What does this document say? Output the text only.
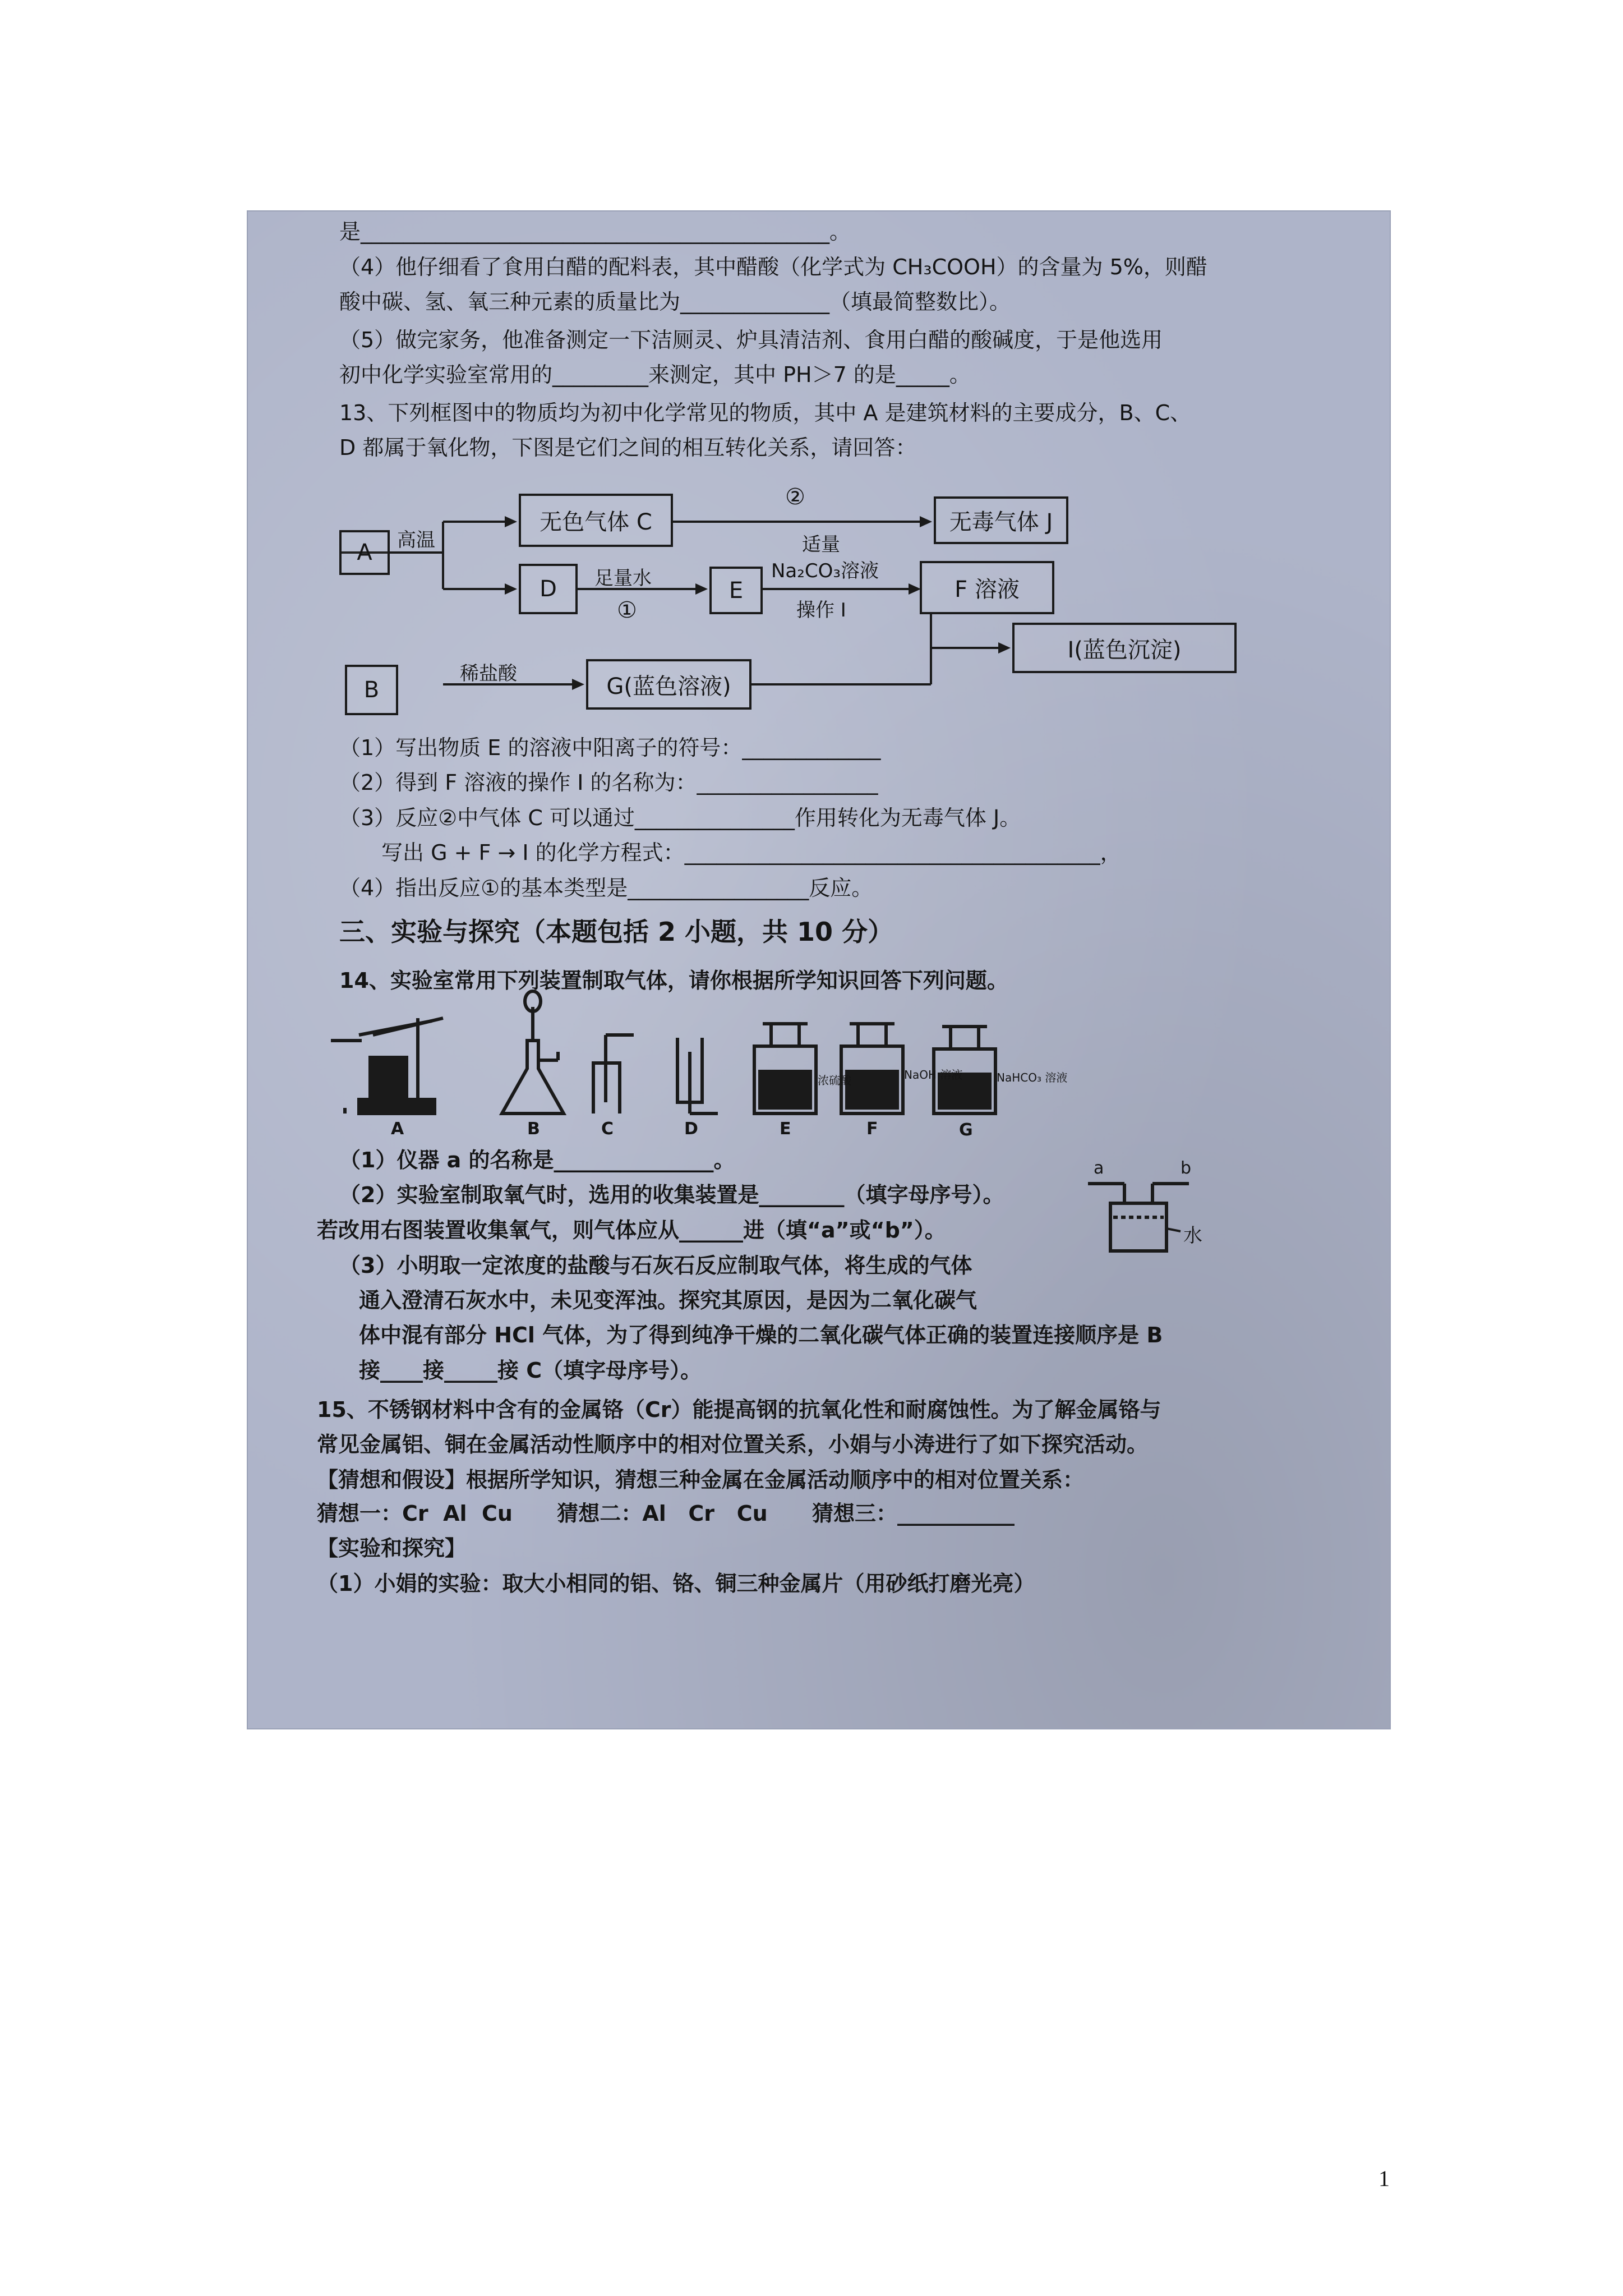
是____________________________________________。
（4）他仔细看了食用白醋的配料表，其中醋酸（化学式为 CH₃COOH）的含量为 5%，则醋
酸中碳、氢、氧三种元素的质量比为______________（填最简整数比）。
（5）做完家务，他准备测定一下洁厕灵、炉具清洁剂、食用白醋的酸碱度，于是他选用
初中化学实验室常用的_________来测定，其中 PH＞7 的是_____。
13、下列框图中的物质均为初中化学常见的物质，其中 A 是建筑材料的主要成分，B、C、
D 都属于氧化物，下图是它们之间的相互转化关系，请回答：
A
无色气体 C	无毒气体 J
D	E	F 溶液
I(蓝色沉淀)
B	G(蓝色溶液)
高温
②
足量水
①
适量
Na₂CO₃溶液
操作 I
稀盐酸
（1）写出物质 E 的溶液中阳离子的符号：_____________
（2）得到 F 溶液的操作 I 的名称为：_________________
（3）反应②中气体 C 可以通过_______________作用转化为无毒气体 J。
写出 G + F → I 的化学方程式：_______________________________________，
（4）指出反应①的基本类型是_________________反应。
三、实验与探究（本题包括 2 小题，共 10 分）
14、实验室常用下列装置制取气体，请你根据所学知识回答下列问题。
A	B	C	D	E	F	G
浓硫酸	NaOH 溶液	NaHCO₃ 溶液
a	b
水
（1）仪器 a 的名称是_______________。
（2）实验室制取氧气时，选用的收集装置是________（填字母序号）。
若改用右图装置收集氧气，则气体应从______进（填“a”或“b”）。
（3）小明取一定浓度的盐酸与石灰石反应制取气体，将生成的气体
通入澄清石灰水中，未见变浑浊。探究其原因，是因为二氧化碳气
体中混有部分 HCl 气体，为了得到纯净干燥的二氧化碳气体正确的装置连接顺序是 B
接____接_____接 C（填字母序号）。
15、不锈钢材料中含有的金属铬（Cr）能提高钢的抗氧化性和耐腐蚀性。为了解金属铬与
常见金属铝、铜在金属活动性顺序中的相对位置关系，小娟与小涛进行了如下探究活动。
【猜想和假设】根据所学知识，猜想三种金属在金属活动顺序中的相对位置关系：
猜想一：Cr  Al  Cu      猜想二：Al   Cr   Cu      猜想三：___________
【实验和探究】
（1）小娟的实验：取大小相同的铝、铬、铜三种金属片（用砂纸打磨光亮）
1
